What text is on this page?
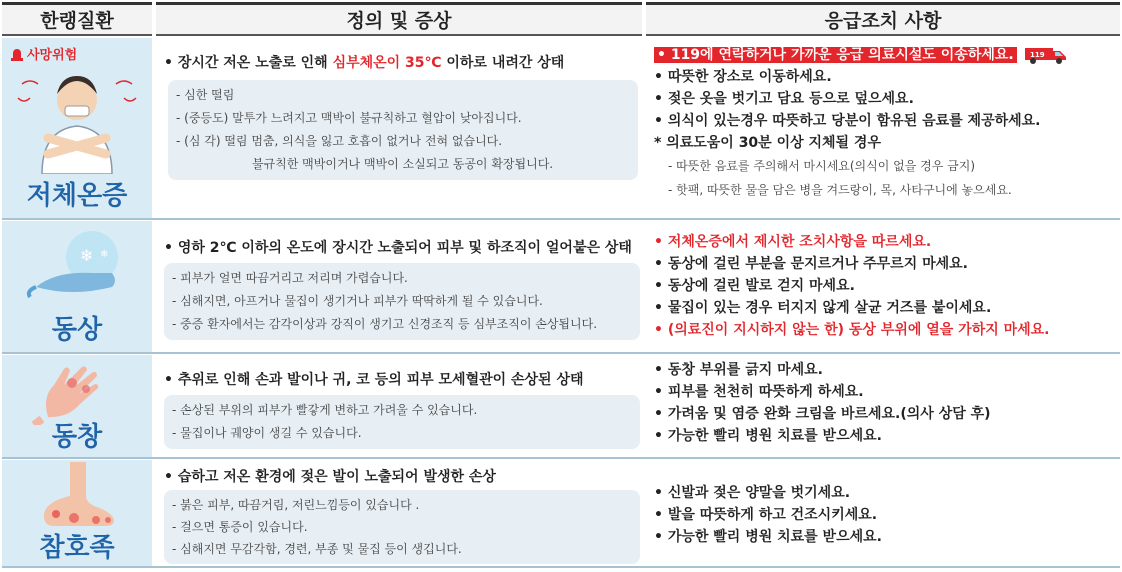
한랭질환	정의 및 증상	응급조치 사항
사망위험
저체온증

• 장시간 저온 노출로 인해 심부체온이 35℃ 이하로 내려간 상태

- 심한 떨림
- (중등도) 말투가 느려지고 맥박이 불규칙하고 혈압이 낮아집니다.
- (심 각) 떨림 멈춤, 의식을 잃고 호흡이 없거나 전혀 없습니다.
불규칙한 맥박이거나 맥박이 소실되고 동공이 확장됩니다.
• 119에 연락하거나 가까운 응급 의료시설도 이송하세요. 119
• 따뜻한 장소로 이동하세요.
• 젖은 옷을 벗기고 담요 등으로 덮으세요.
• 의식이 있는경우 따뜻하고 당분이 함유된 음료를 제공하세요.
* 의료도움이 30분 이상 지체될 경우
- 따뜻한 음료를 주의해서 마시세요(의식이 없을 경우 금지)
- 핫팩, 따뜻한 물을 담은 병을 겨드랑이, 목, 사타구니에 놓으세요.
❄ ❄
동상

• 영하 2℃ 이하의 온도에 장시간 노출되어 피부 및 하조직이 얼어붙은 상태

- 피부가 얼면 따끔거리고 저리며 가렵습니다.
- 심해지면, 아프거나 물집이 생기거나 피부가 딱딱하게 될 수 있습니다.
- 중증 환자에서는 감각이상과 강직이 생기고 신경조직 등 심부조직이 손상됩니다.
• 저체온증에서 제시한 조치사항을 따르세요.
• 동상에 걸린 부분을 문지르거나 주무르지 마세요.
• 동상에 걸린 발로 걷지 마세요.
• 물집이 있는 경우 터지지 않게 살균 거즈를 붙이세요.
• (의료진이 지시하지 않는 한) 동상 부위에 열을 가하지 마세요.
동창

• 추위로 인해 손과 발이나 귀, 코 등의 피부 모세혈관이 손상된 상태

- 손상된 부위의 피부가 빨갛게 변하고 가려울 수 있습니다.
- 물집이나 궤양이 생길 수 있습니다.
• 동창 부위를 긁지 마세요.
• 피부를 천천히 따뜻하게 하세요.
• 가려움 및 염증 완화 크림을 바르세요.(의사 상담 후)
• 가능한 빨리 병원 치료를 받으세요.
참호족

• 습하고 저온 환경에 젖은 발이 노출되어 발생한 손상

- 붉은 피부, 따끔거림, 저린느낌등이 있습니다 .
- 걸으면 통증이 있습니다.
- 심해지면 무감각함, 경련, 부종 및 물집 등이 생깁니다.
• 신발과 젖은 양말을 벗기세요.
• 발을 따뜻하게 하고 건조시키세요.
• 가능한 빨리 병원 치료를 받으세요.
